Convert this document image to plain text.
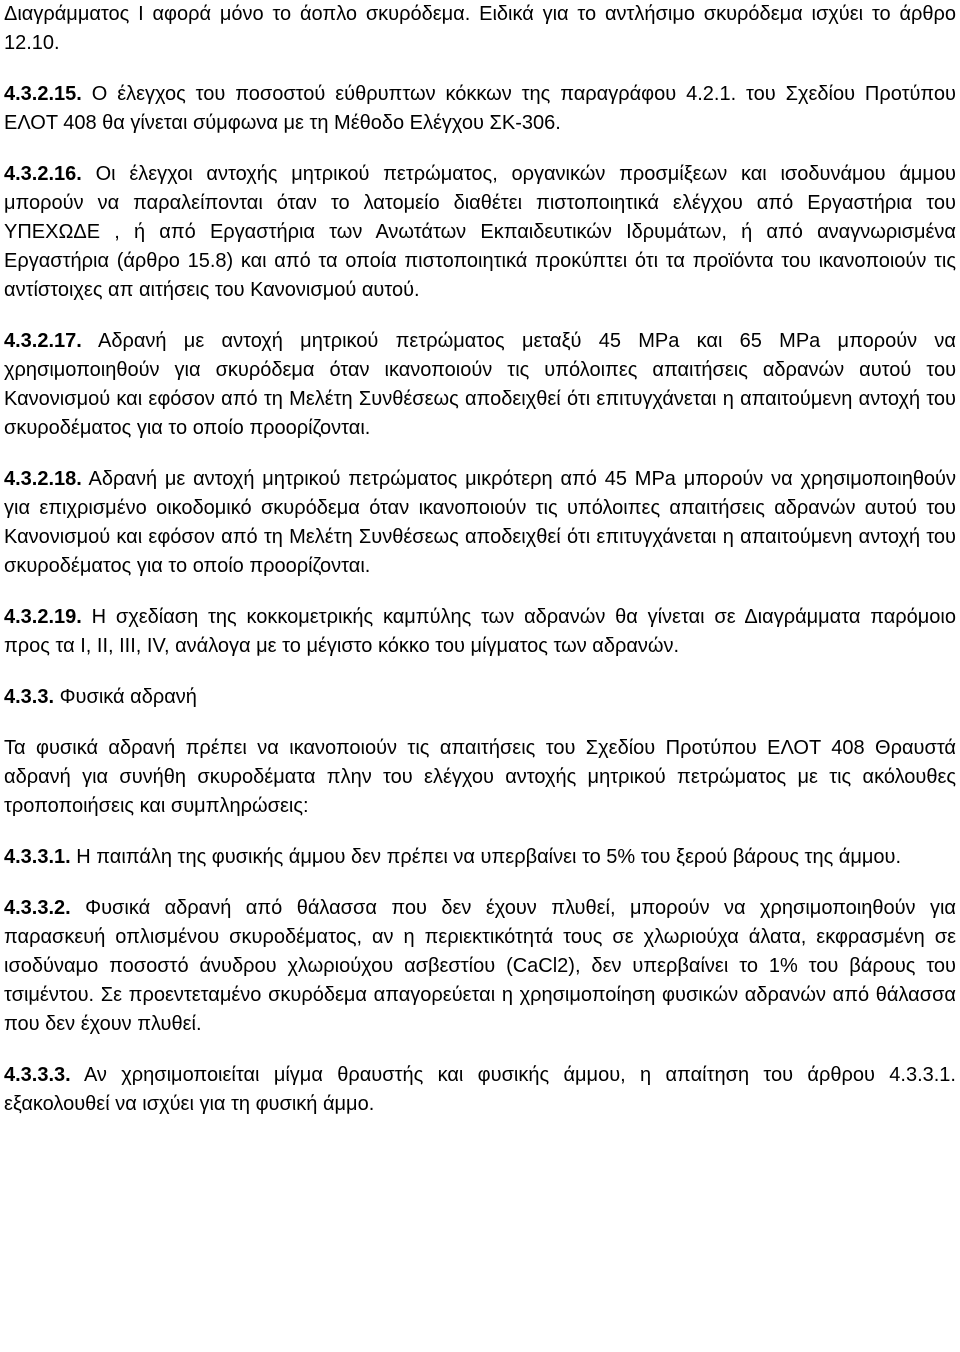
Διαγράμματος Ι αφορά μόνο το άοπλο σκυρόδεμα. Ειδικά για το αντλήσιμο σκυρόδεμα ισχύει το άρθρο 12.10.

4.3.2.15. Ο έλεγχος του ποσοστού εύθρυπτων κόκκων της παραγράφου 4.2.1. του Σχεδίου Προτύπου ΕΛΟΤ 408 θα γίνεται σύμφωνα με τη Μέθοδο Ελέγχου ΣΚ-306.

4.3.2.16. Οι έλεγχοι αντοχής μητρικού πετρώματος, οργανικών προσμίξεων και ισοδυνάμου άμμου μπορούν να παραλείπονται όταν το λατομείο διαθέτει πιστοποιητικά ελέγχου από Εργαστήρια του ΥΠΕΧΩΔΕ , ή από Εργαστήρια των Ανωτάτων Εκπαιδευτικών Ιδρυμάτων, ή από αναγνωρισμένα Εργαστήρια (άρθρο 15.8) και από τα οποία πιστοποιητικά προκύπτει ότι τα προϊόντα του ικανοποιούν τις αντίστοιχες απ αιτήσεις του Κανονισμού αυτού.

4.3.2.17. Αδρανή με αντοχή μητρικού πετρώματος μεταξύ 45 MPa και 65 MPa μπορούν να χρησιμοποιηθούν για σκυρόδεμα όταν ικανοποιούν τις υπόλοιπες απαιτήσεις αδρανών αυτού του Κανονισμού και εφόσον από τη Μελέτη Συνθέσεως αποδειχθεί ότι επιτυγχάνεται η απαιτούμενη αντοχή του σκυροδέματος για το οποίο προορίζονται.

4.3.2.18. Αδρανή με αντοχή μητρικού πετρώματος μικρότερη από 45 MPa μπορούν να χρησιμοποιηθούν για επιχρισμένο οικοδομικό σκυρόδεμα όταν ικανοποιούν τις υπόλοιπες απαιτήσεις αδρανών αυτού του Κανονισμού και εφόσον από τη Μελέτη Συνθέσεως αποδειχθεί ότι επιτυγχάνεται η απαιτούμενη αντοχή του σκυροδέματος για το οποίο προορίζονται.

4.3.2.19. Η σχεδίαση της κοκκομετρικής καμπύλης των αδρανών θα γίνεται σε Διαγράμματα παρόμοιο προς τα I, II, III, IV, ανάλογα με το μέγιστο κόκκο του μίγματος των αδρανών.

4.3.3. Φυσικά αδρανή

Τα φυσικά αδρανή πρέπει να ικανοποιούν τις απαιτήσεις του Σχεδίου Προτύπου ΕΛΟΤ 408 Θραυστά αδρανή για συνήθη σκυροδέματα πλην του ελέγχου αντοχής μητρικού πετρώματος με τις ακόλουθες τροποποιήσεις και συμπληρώσεις:

4.3.3.1. Η παιπάλη της φυσικής άμμου δεν πρέπει να υπερβαίνει το 5% του ξερού βάρους της άμμου.

4.3.3.2. Φυσικά αδρανή από θάλασσα που δεν έχουν πλυθεί, μπορούν να χρησιμοποιηθούν για παρασκευή οπλισμένου σκυροδέματος, αν η περιεκτικότητά τους σε χλωριούχα άλατα, εκφρασμένη σε ισοδύναμο ποσοστό άνυδρου χλωριούχου ασβεστίου (CaCl2), δεν υπερβαίνει το 1% του βάρους του τσιμέντου. Σε προεντεταμένο σκυρόδεμα απαγορεύεται η χρησιμοποίηση φυσικών αδρανών από θάλασσα που δεν έχουν πλυθεί.

4.3.3.3. Αν χρησιμοποιείται μίγμα θραυστής και φυσικής άμμου, η απαίτηση του άρθρου 4.3.3.1. εξακολουθεί να ισχύει για τη φυσική άμμο.
